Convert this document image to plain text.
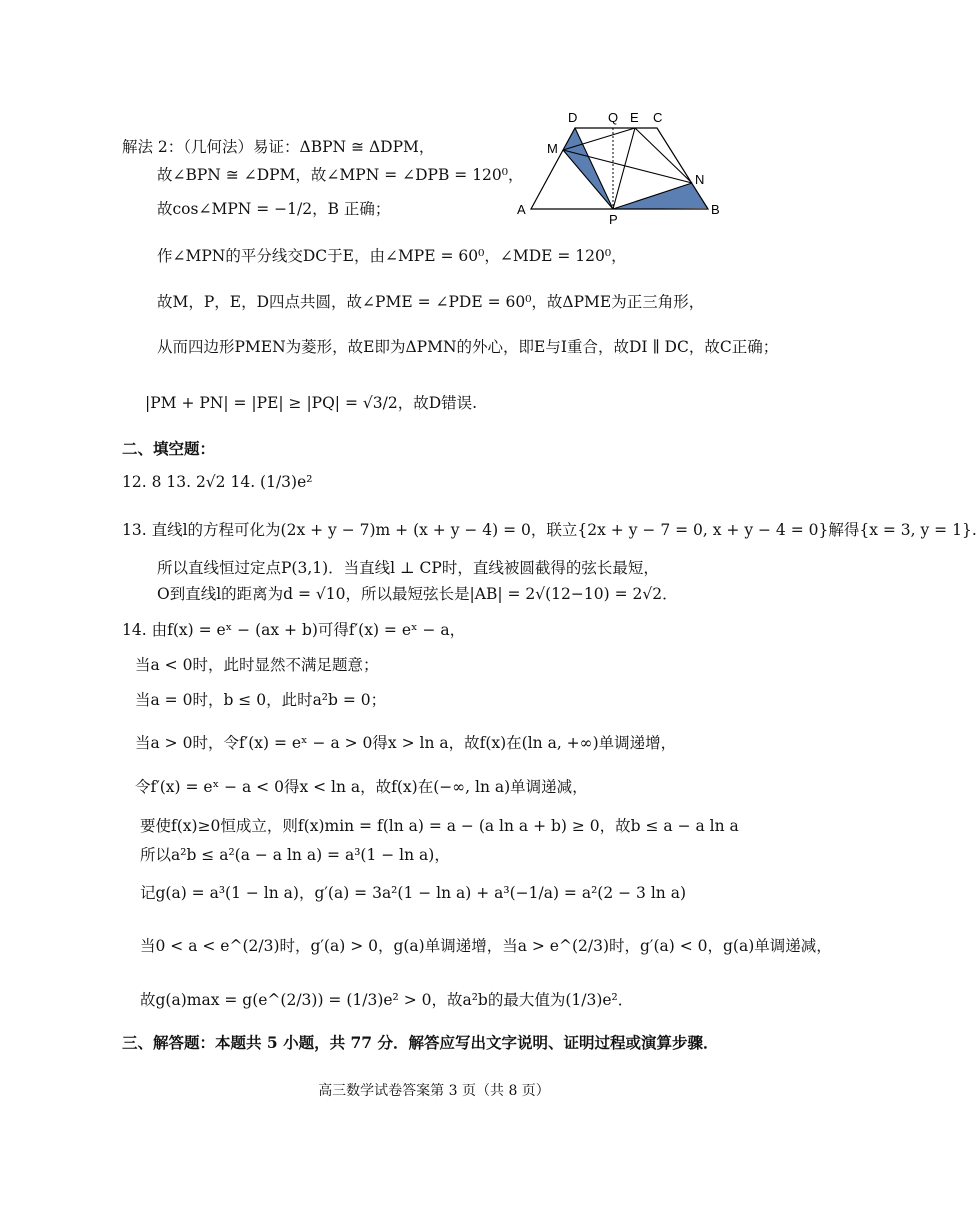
D Q E C
M
N
A
P
B
解法 2：（几何法）易证：ΔBPN ≅ ΔDPM，
故∠BPN ≅ ∠DPM，故∠MPN = ∠DPB = 120⁰，
故cos∠MPN = −1/2，B 正确；
作∠MPN的平分线交DC于E，由∠MPE = 60⁰，∠MDE = 120⁰，
故M，P，E，D四点共圆，故∠PME = ∠PDE = 60⁰，故ΔPME为正三角形，
从而四边形PMEN为菱形，故E即为ΔPMN的外心，即E与I重合，故DI ∥ DC，故C正确；
|PM + PN| = |PE| ≥ |PQ| = √3/2，故D错误.
二、填空题：
12. 8 13. 2√2 14. (1/3)e²
13. 直线l的方程可化为(2x + y − 7)m + (x + y − 4) = 0，联立{2x + y − 7 = 0, x + y − 4 = 0}解得{x = 3, y = 1}.
所以直线恒过定点P(3,1)．当直线l ⊥ CP时，直线被圆截得的弦长最短，
O到直线l的距离为d = √10，所以最短弦长是|AB| = 2√(12−10) = 2√2．
14. 由f(x) = eˣ − (ax + b)可得f′(x) = eˣ − a，
当a < 0时，此时显然不满足题意；
当a = 0时，b ≤ 0，此时a²b = 0；
当a > 0时，令f′(x) = eˣ − a > 0得x > ln a，故f(x)在(ln a, +∞)单调递增，
令f′(x) = eˣ − a < 0得x < ln a，故f(x)在(−∞, ln a)单调递减，
要使f(x)≥0恒成立，则f(x)min = f(ln a) = a − (a ln a + b) ≥ 0，故b ≤ a − a ln a
所以a²b ≤ a²(a − a ln a) = a³(1 − ln a)，
记g(a) = a³(1 − ln a)，g′(a) = 3a²(1 − ln a) + a³(−1/a) = a²(2 − 3 ln a)
当0 < a < e^(2/3)时，g′(a) > 0，g(a)单调递增，当a > e^(2/3)时，g′(a) < 0，g(a)单调递减，
故g(a)max = g(e^(2/3)) = (1/3)e² > 0，故a²b的最大值为(1/3)e²．
三、解答题：本题共 5 小题，共 77 分．解答应写出文字说明、证明过程或演算步骤．
高三数学试卷答案第 3 页（共 8 页）
